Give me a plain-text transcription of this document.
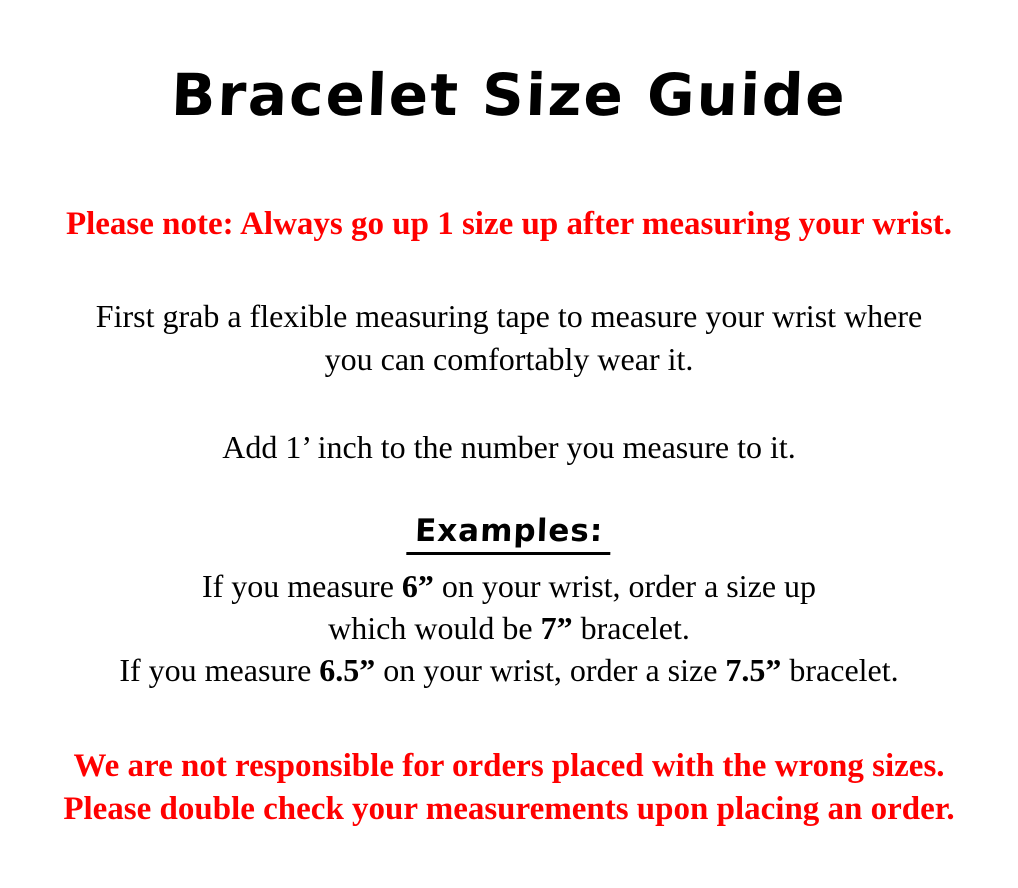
Bracelet Size Guide

Please note: Always go up 1 size up after measuring your wrist.

First grab a flexible measuring tape to measure your wrist where
you can comfortably wear it.

Add 1’ inch to the number you measure to it.

Examples:

If you measure 6” on your wrist, order a size up
which would be 7” bracelet.
If you measure 6.5” on your wrist, order a size 7.5” bracelet.

We are not responsible for orders placed with the wrong sizes.
Please double check your measurements upon placing an order.
